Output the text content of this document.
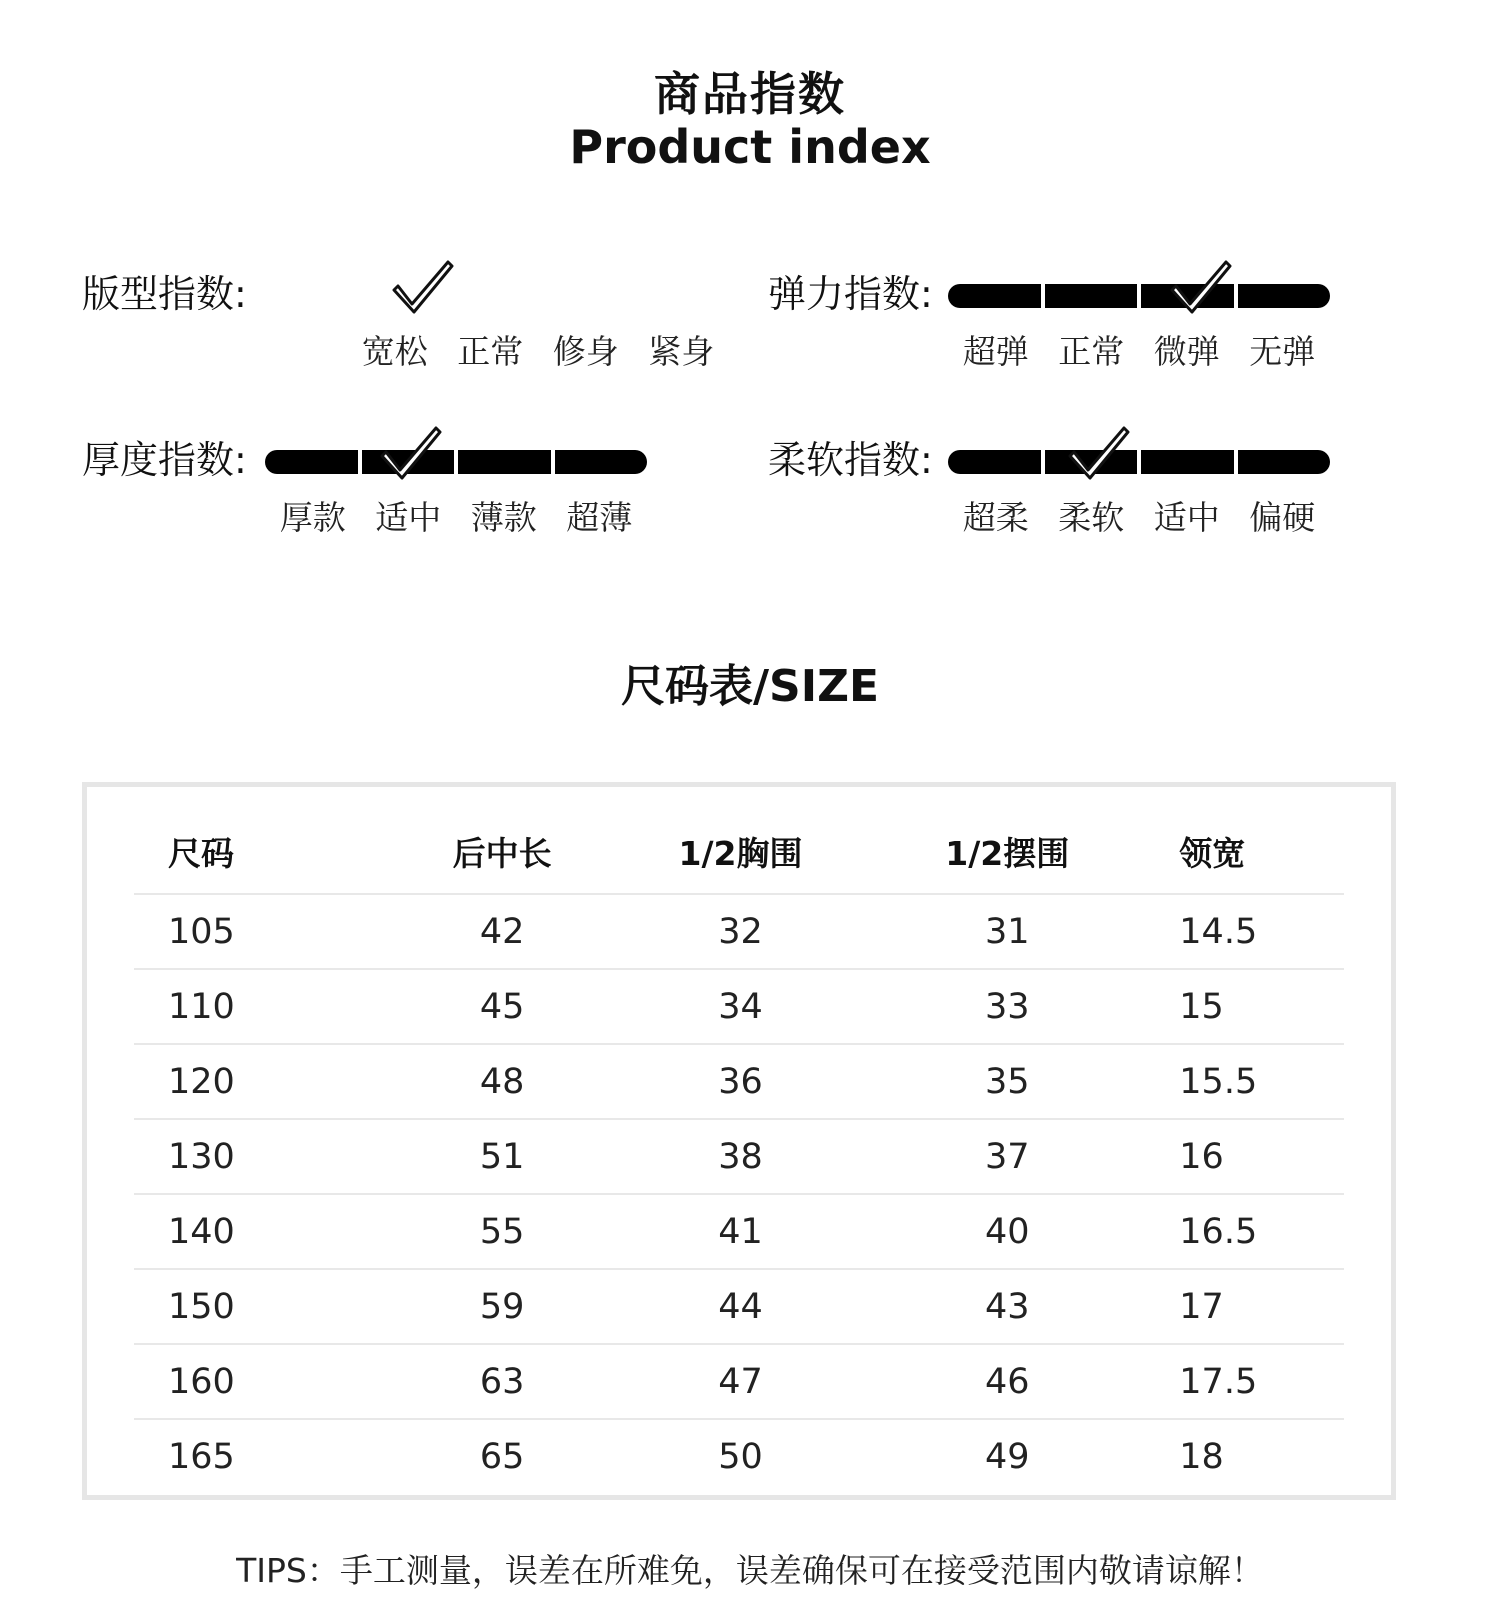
商品指数
Product index
版型指数:
宽松 正常 修身 紧身
弹力指数:
超弹 正常 微弹 无弹
厚度指数:
厚款 适中 薄款 超薄
柔软指数:
超柔 柔软 适中 偏硬
尺码表/SIZE
尺码	后中长	1/2胸围	1/2摆围	领宽
105	42	32	31	14.5
110	45	34	33	15
120	48	36	35	15.5
130	51	38	37	16
140	55	41	40	16.5
150	59	44	43	17
160	63	47	46	17.5
165	65	50	49	18
TIPS：手工测量，误差在所难免，误差确保可在接受范围内敬请谅解！
